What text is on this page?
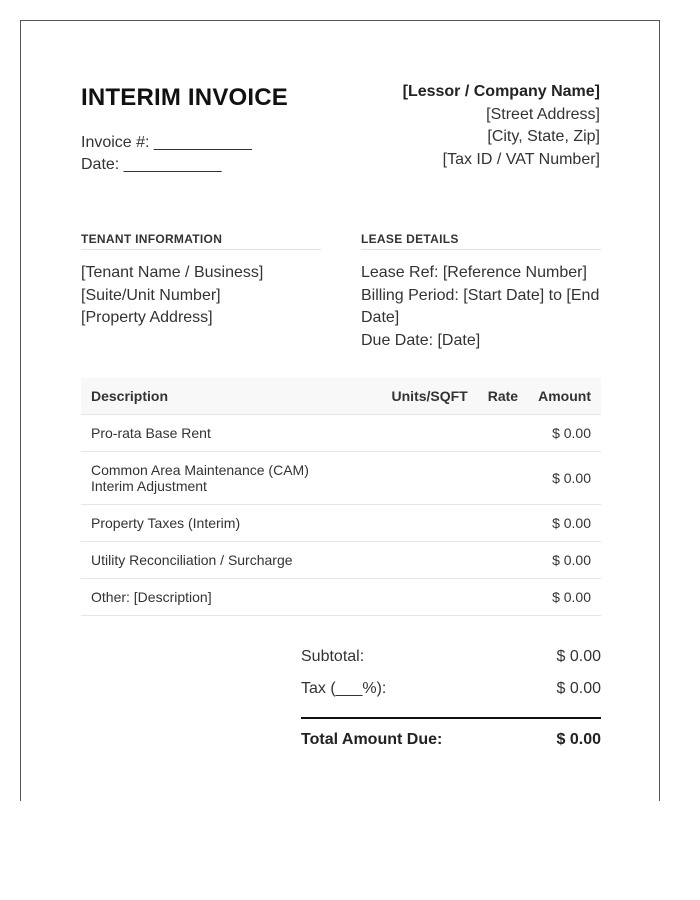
INTERIM INVOICE
Invoice #: ___________
Date: ___________
[Lessor / Company Name]
[Street Address]
[City, State, Zip]
[Tax ID / VAT Number]
TENANT INFORMATION
[Tenant Name / Business]
[Suite/Unit Number]
[Property Address]
LEASE DETAILS
Lease Ref: [Reference Number]
Billing Period: [Start Date] to [End Date]
Due Date: [Date]
Description	Units/SQFT	Rate	Amount
Pro-rata Base Rent			$ 0.00
Common Area Maintenance (CAM) Interim Adjustment			$ 0.00
Property Taxes (Interim)			$ 0.00
Utility Reconciliation / Surcharge			$ 0.00
Other: [Description]			$ 0.00
Subtotal:	$ 0.00
Tax (___%):	$ 0.00
Total Amount Due:	$ 0.00
